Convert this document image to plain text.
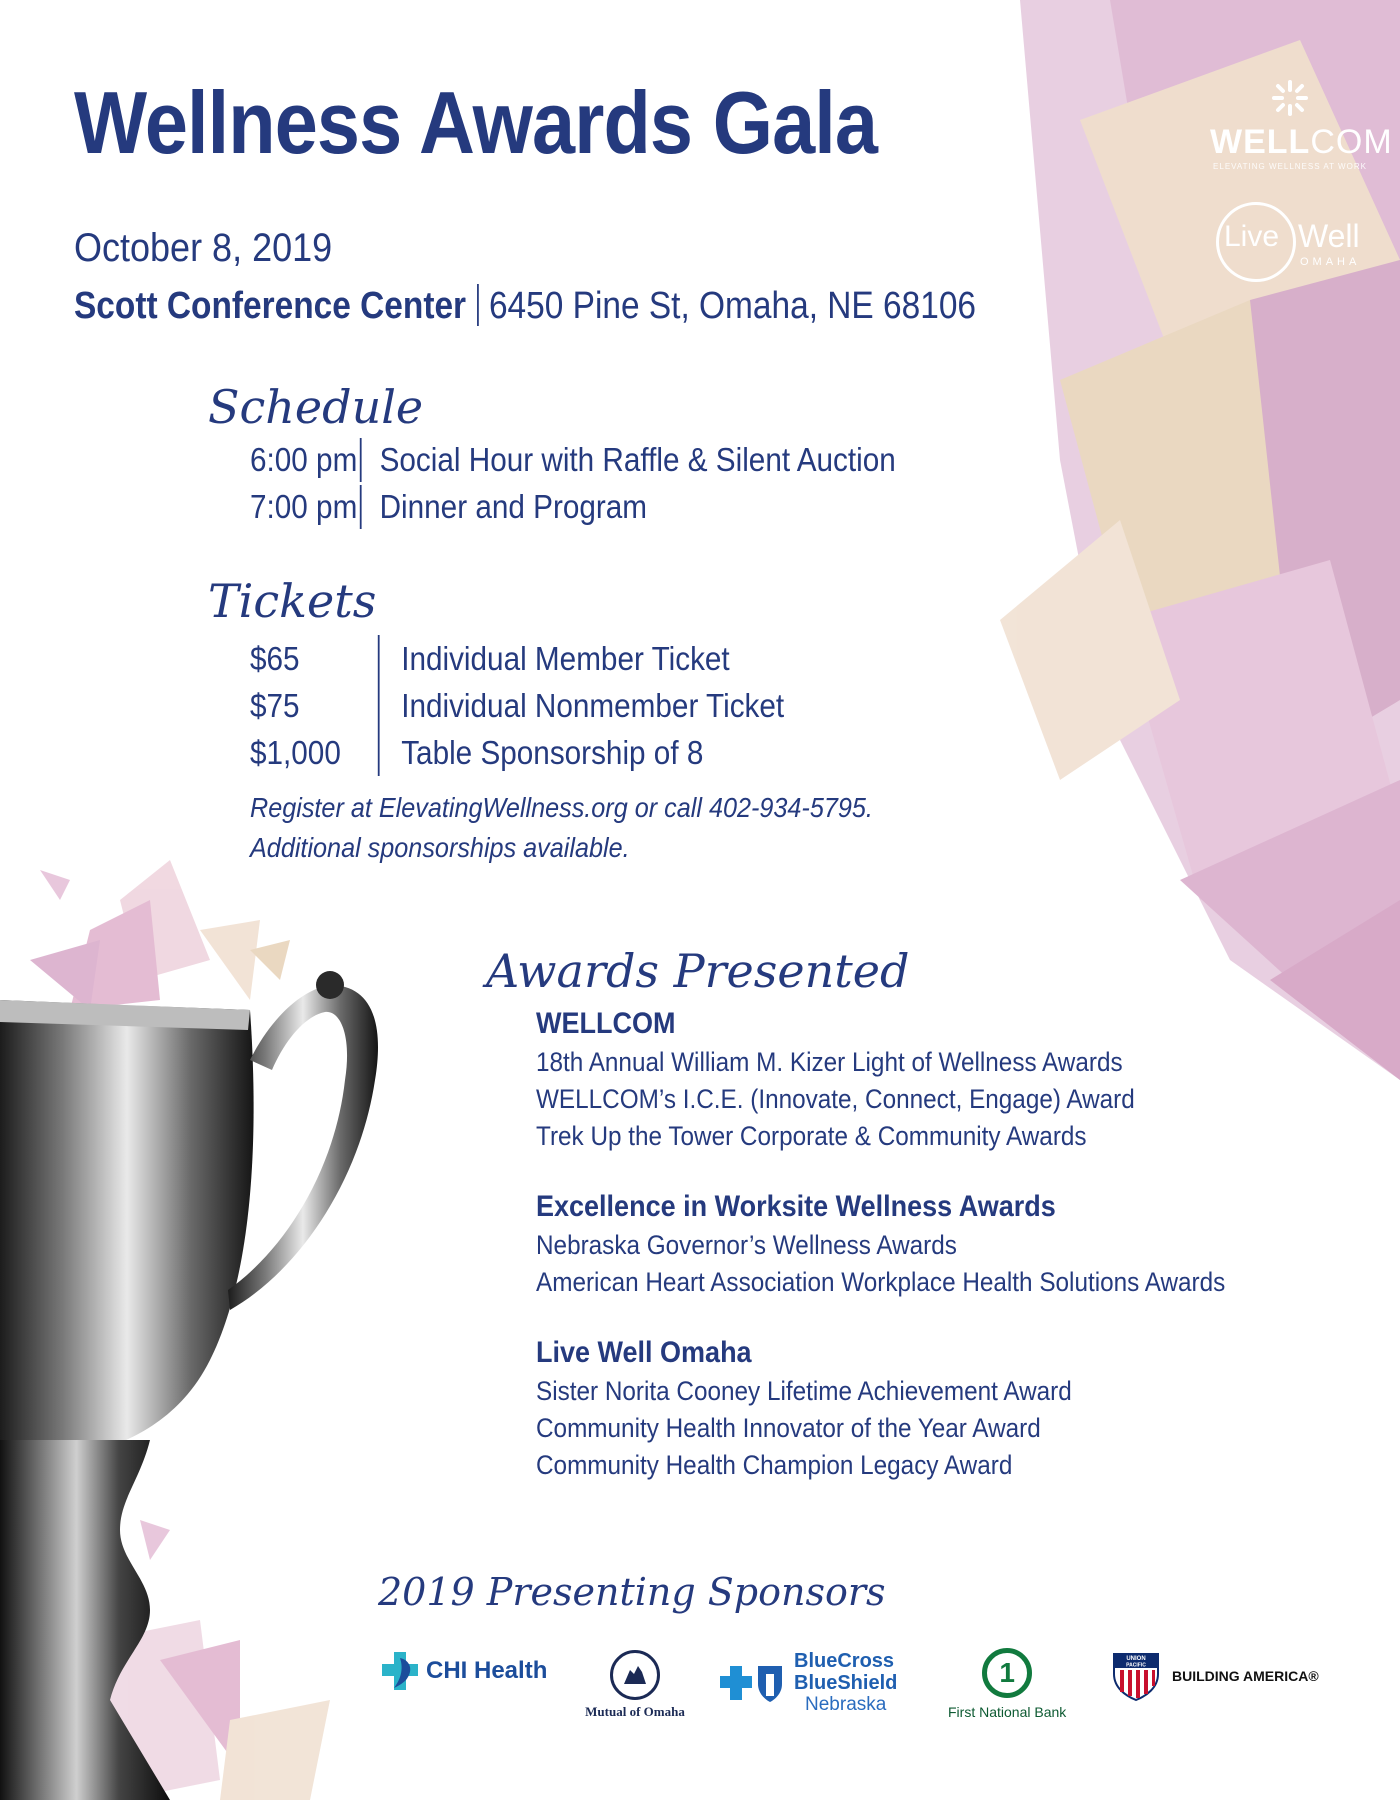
Wellness Awards Gala
October 8, 2019
Scott Conference Center 6450 Pine St, Omaha, NE 68106
WELLCOM
ELEVATING WELLNESS AT WORK
Live Well
OMAHA
Schedule
6:00 pm Social Hour with Raffle & Silent Auction
7:00 pm Dinner and Program
Tickets
$65	Individual Member Ticket
$75	Individual Nonmember Ticket
$1,000	Table Sponsorship of 8
Register at ElevatingWellness.org or call 402-934-5795.
Additional sponsorships available.
Awards Presented
WELLCOM
18th Annual William M. Kizer Light of Wellness Awards
WELLCOM’s I.C.E. (Innovate, Connect, Engage) Award
Trek Up the Tower Corporate & Community Awards
Excellence in Worksite Wellness Awards
Nebraska Governor’s Wellness Awards
American Heart Association Workplace Health Solutions Awards
Live Well Omaha
Sister Norita Cooney Lifetime Achievement Award
Community Health Innovator of the Year Award
Community Health Champion Legacy Award
2019 Presenting Sponsors
CHI Health
Mutual of Omaha
BlueCross
BlueShield
Nebraska
1
First National Bank
UNION
PACIFIC
BUILDING AMERICA®
